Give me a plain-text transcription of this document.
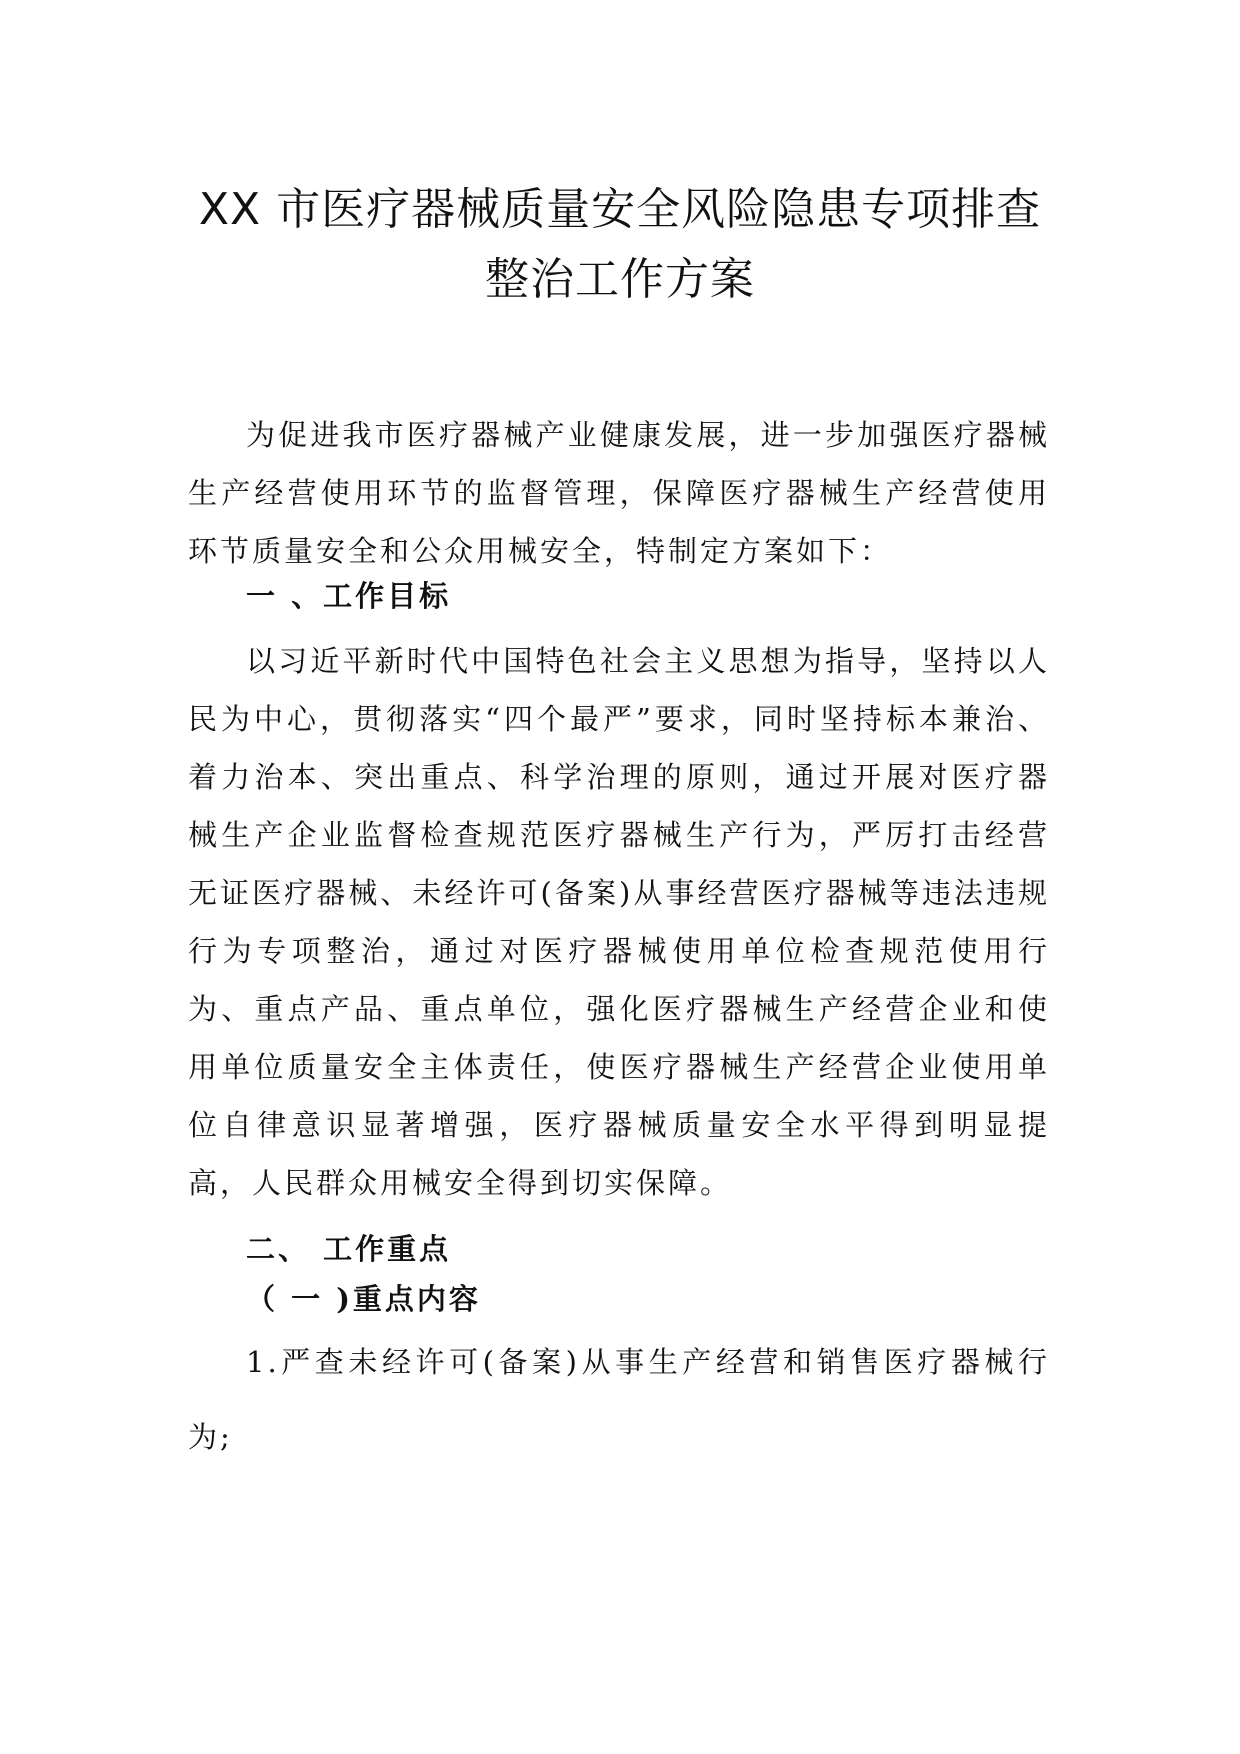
XX 市医疗器械质量安全风险隐患专项排查
整治工作方案

为促进我市医疗器械产业健康发展，进一步加强医疗器械生产经营使用环节的监督管理，保障医疗器械生产经营使用环节质量安全和公众用械安全，特制定方案如下：

一 、工作目标

以习近平新时代中国特色社会主义思想为指导，坚持以人民为中心，贯彻落实“四个最严”要求，同时坚持标本兼治、着力治本、突出重点、科学治理的原则，通过开展对医疗器械生产企业监督检查规范医疗器械生产行为，严厉打击经营无证医疗器械、未经许可(备案)从事经营医疗器械等违法违规行为专项整治，通过对医疗器械使用单位检查规范使用行为、重点产品、重点单位，强化医疗器械生产经营企业和使用单位质量安全主体责任，使医疗器械生产经营企业使用单位自律意识显著增强，医疗器械质量安全水平得到明显提高，人民群众用械安全得到切实保障。

二、 工作重点
（ 一 )重点内容

1.严查未经许可(备案)从事生产经营和销售医疗器械行为;
